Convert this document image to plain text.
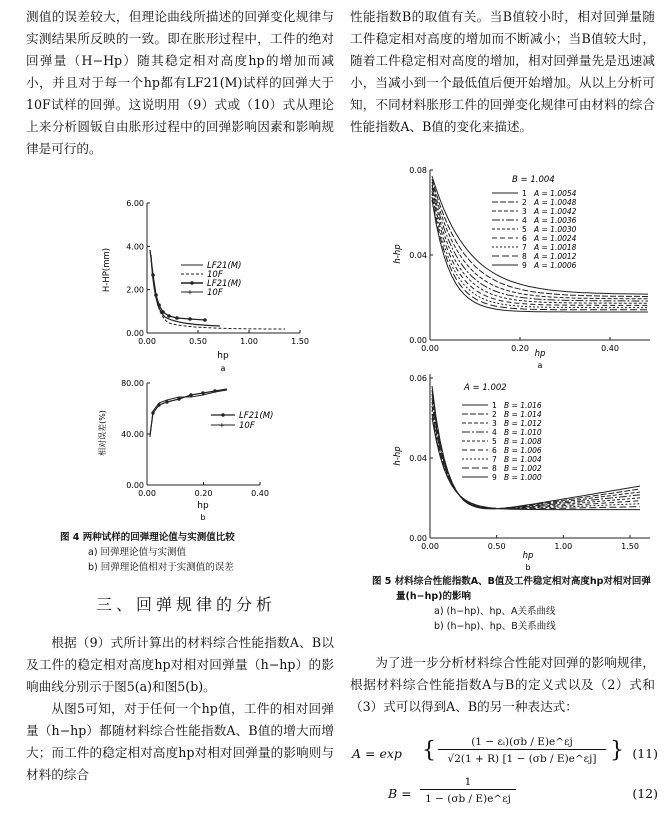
测值的误差较大，但理论曲线所描述的回弹变化规律与实测结果所反映的一致。即在胀形过程中，工件的绝对回弹量（H−Hp）随其稳定相对高度hp的增加而减小，并且对于每一个hp都有LF21(M)试样的回弹大于10F试样的回弹。这说明用（9）式或（10）式从理论上来分析圆钣自由胀形过程中的回弹影响因素和影响规律是可行的。

性能指数B的取值有关。当B值较小时，相对回弹量随工件稳定相对高度的增加而不断减小；当B值较大时，随着工件稳定相对高度的增加，相对回弹量先是迅速减小，当减小到一个最低值后便开始增加。从以上分析可知，不同材料胀形工件的回弹变化规律可由材料的综合性能指数A、B值的变化来描述。

0.00
2.00
4.00
6.00
0.00	0.50	1.00	1.50
H-HP(mm)
hp
a
LF21(M)
10F
LF21(M)
+ 10F
0.00
40.00
80.00
0.00	0.20	0.40
相对误差(%)
hp
b
LF21(M)
+ 10F
图 4 两种试样的回弹理论值与实测值比较
a) 回弹理论值与实测值
b) 回弹理论值相对于实测值的误差
三、回弹规律的分析

根据（9）式所计算出的材料综合性能指数A、B以及工件的稳定相对高度hp对相对回弹量（h−hp）的影响曲线分别示于图5(a)和图5(b)。

从图5可知，对于任何一个hp值，工件的相对回弹量（h−hp）都随材料综合性能指数A、B值的增大而增大；而工件的稳定相对高度hp对相对回弹量的影响则与材料的综合

0.00
0.04
0.08
0.00	0.20	0.40
h-hp
hp
a
B = 1.004
1 A = 1.0054
2 A = 1.0048
3 A = 1.0042
4 A = 1.0036
5 A = 1.0030
6 A = 1.0024
7 A = 1.0018
8 A = 1.0012
9 A = 1.0006
0.00
0.04
0.06
0.00	0.50	1.00	1.50
h-hp
hp
b
A = 1.002
1 B = 1.016
2 B = 1.014
3 B = 1.012
4 B = 1.010
5 B = 1.008
6 B = 1.006
7 B = 1.004
8 B = 1.002
9 B = 1.000
图 5 材料综合性能指数A、B值及工件稳定相对高度hp对相对回弹量(h−hp)的影响
a) (h−hp)、hp、A关系曲线
b) (h−hp)、hp、B关系曲线

为了进一步分析材料综合性能对回弹的影响规律，根据材料综合性能指数A与B的定义式以及（2）式和（3）式可以得到A、B的另一种表达式：

A = exp {	(1 − εᵢ)(σb / E)e^εj
√2(1 + R) [1 − (σb / E)e^εj] } (11)
B =
1
1 − (σb / E)e^εj	(12)
